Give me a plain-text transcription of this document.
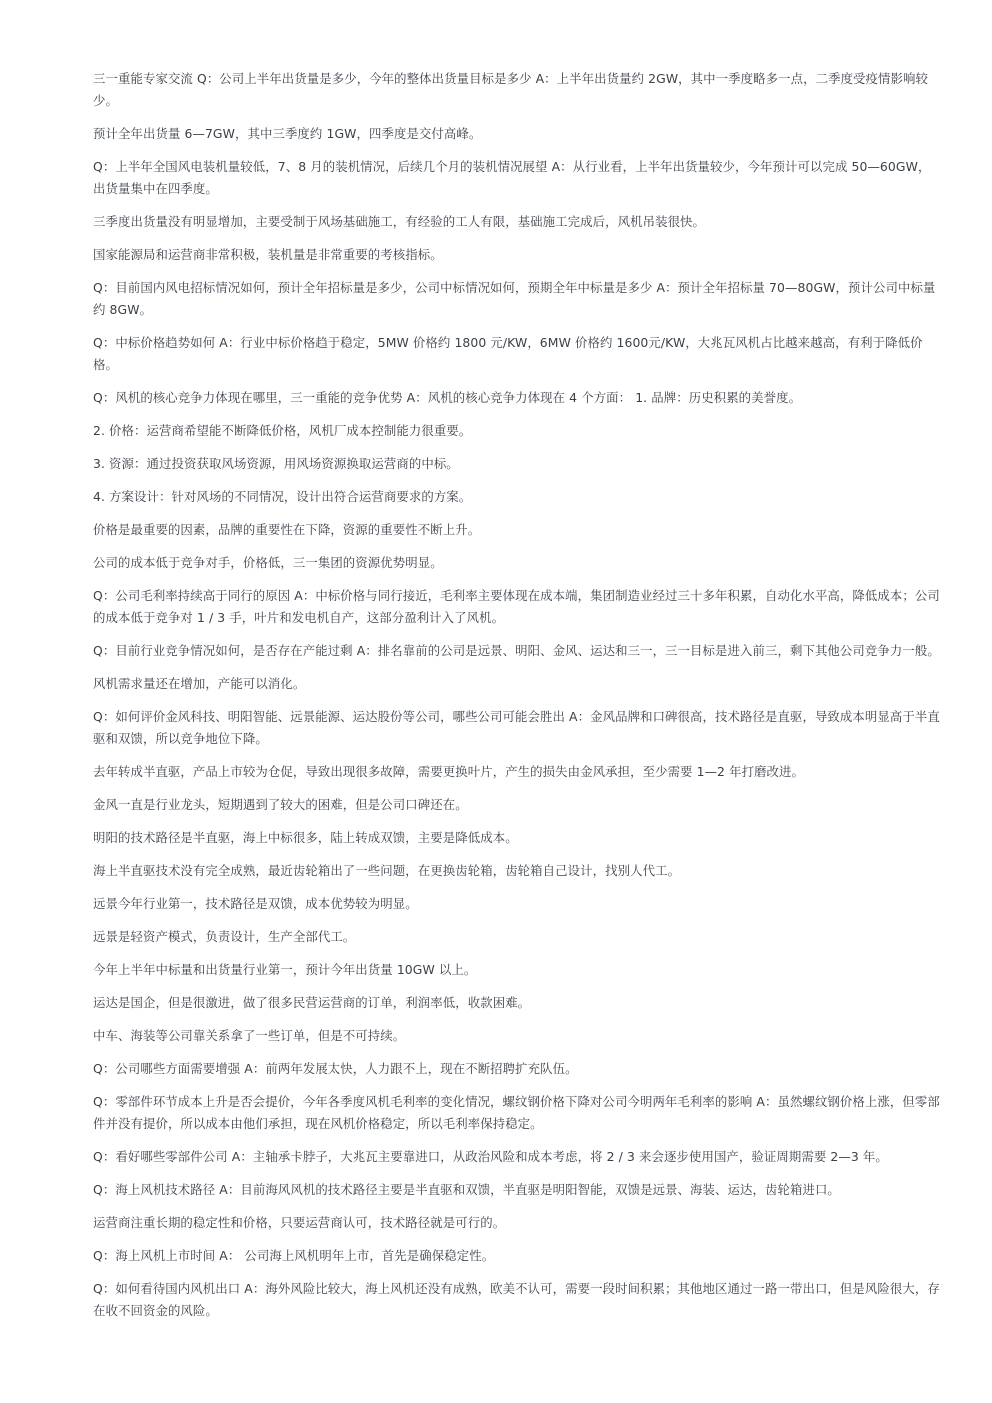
三一重能专家交流 Q：公司上半年出货量是多少，今年的整体出货量目标是多少 A：上半年出货量约 2GW，其中一季度略多一点，二季度受疫情影响较少。

预计全年出货量 6—7GW，其中三季度约 1GW，四季度是交付高峰。

Q：上半年全国风电装机量较低，7、8 月的装机情况，后续几个月的装机情况展望 A：从行业看，上半年出货量较少，今年预计可以完成 50—60GW，出货量集中在四季度。

三季度出货量没有明显增加，主要受制于风场基础施工，有经验的工人有限，基础施工完成后，风机吊装很快。

国家能源局和运营商非常积极，装机量是非常重要的考核指标。

Q：目前国内风电招标情况如何，预计全年招标量是多少，公司中标情况如何，预期全年中标量是多少 A：预计全年招标量 70—80GW，预计公司中标量约 8GW。

Q：中标价格趋势如何 A：行业中标价格趋于稳定，5MW 价格约 1800 元/KW，6MW 价格约 1600元/KW，大兆瓦风机占比越来越高，有利于降低价格。

Q：风机的核心竞争力体现在哪里，三一重能的竞争优势 A：风机的核心竞争力体现在 4 个方面： 1. 品牌：历史积累的美誉度。

2. 价格：运营商希望能不断降低价格，风机厂成本控制能力很重要。

3. 资源：通过投资获取风场资源，用风场资源换取运营商的中标。

4. 方案设计：针对风场的不同情况，设计出符合运营商要求的方案。

价格是最重要的因素，品牌的重要性在下降，资源的重要性不断上升。

公司的成本低于竞争对手，价格低，三一集团的资源优势明显。

Q：公司毛利率持续高于同行的原因 A：中标价格与同行接近，毛利率主要体现在成本端，集团制造业经过三十多年积累，自动化水平高，降低成本；公司的成本低于竞争对 1 / 3 手，叶片和发电机自产，这部分盈利计入了风机。

Q：目前行业竞争情况如何，是否存在产能过剩 A：排名靠前的公司是远景、明阳、金风、运达和三一，三一目标是进入前三，剩下其他公司竞争力一般。

风机需求量还在增加，产能可以消化。

Q：如何评价金风科技、明阳智能、远景能源、运达股份等公司，哪些公司可能会胜出 A：金风品牌和口碑很高，技术路径是直驱，导致成本明显高于半直驱和双馈，所以竞争地位下降。

去年转成半直驱，产品上市较为仓促，导致出现很多故障，需要更换叶片，产生的损失由金风承担，至少需要 1—2 年打磨改进。

金风一直是行业龙头，短期遇到了较大的困难，但是公司口碑还在。

明阳的技术路径是半直驱，海上中标很多，陆上转成双馈，主要是降低成本。

海上半直驱技术没有完全成熟，最近齿轮箱出了一些问题，在更换齿轮箱，齿轮箱自己设计，找别人代工。

远景今年行业第一，技术路径是双馈，成本优势较为明显。

远景是轻资产模式，负责设计，生产全部代工。

今年上半年中标量和出货量行业第一，预计今年出货量 10GW 以上。

运达是国企，但是很激进，做了很多民营运营商的订单，利润率低，收款困难。

中车、海装等公司靠关系拿了一些订单，但是不可持续。

Q：公司哪些方面需要增强 A：前两年发展太快，人力跟不上，现在不断招聘扩充队伍。

Q：零部件环节成本上升是否会提价，今年各季度风机毛利率的变化情况，螺纹钢价格下降对公司今明两年毛利率的影响 A：虽然螺纹钢价格上涨，但零部件并没有提价，所以成本由他们承担，现在风机价格稳定，所以毛利率保持稳定。

Q：看好哪些零部件公司 A：主轴承卡脖子，大兆瓦主要靠进口，从政治风险和成本考虑，将 2 / 3 来会逐步使用国产，验证周期需要 2—3 年。

Q：海上风机技术路径 A：目前海风风机的技术路径主要是半直驱和双馈，半直驱是明阳智能，双馈是远景、海装、运达，齿轮箱进口。

运营商注重长期的稳定性和价格，只要运营商认可，技术路径就是可行的。

Q：海上风机上市时间 A： 公司海上风机明年上市，首先是确保稳定性。

Q：如何看待国内风机出口 A：海外风险比较大，海上风机还没有成熟，欧美不认可，需要一段时间积累；其他地区通过一路一带出口，但是风险很大，存在收不回资金的风险。
